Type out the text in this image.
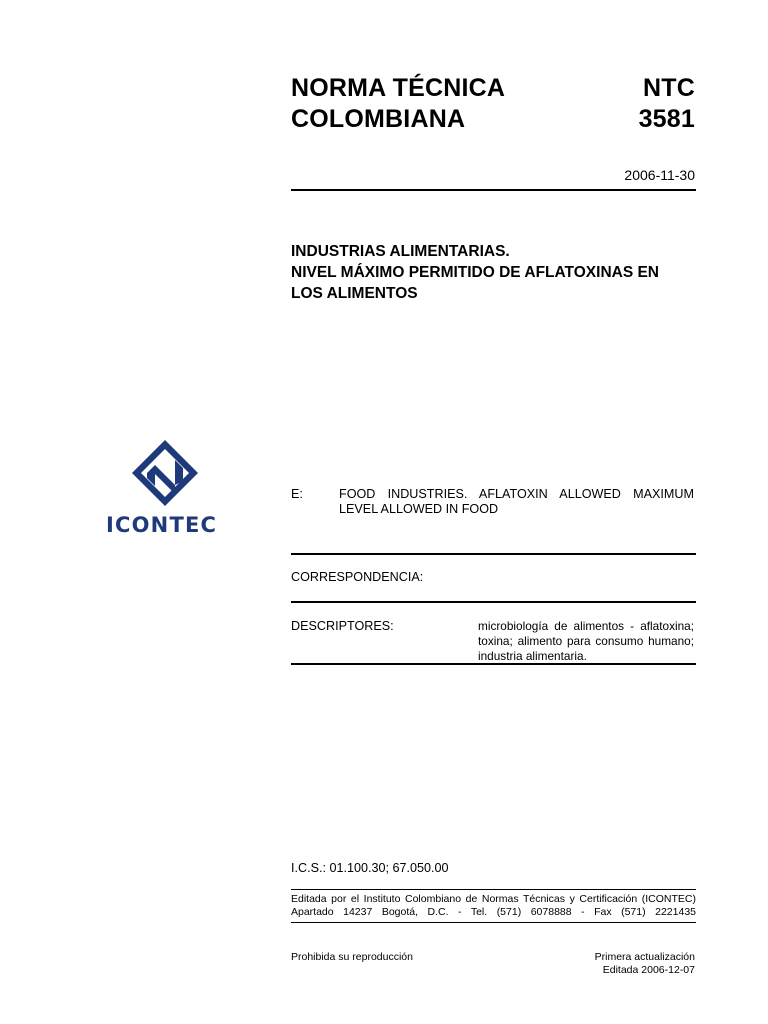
NORMA TÉCNICA
COLOMBIANA
NTC
3581
2006-11-30
INDUSTRIAS ALIMENTARIAS.
NIVEL MÁXIMO PERMITIDO DE AFLATOXINAS EN
LOS ALIMENTOS
ICONTEC
E:	FOOD INDUSTRIES. AFLATOXIN ALLOWED MAXIMUM
LEVEL ALLOWED IN FOOD
CORRESPONDENCIA:
DESCRIPTORES:	microbiología de alimentos - aflatoxina;
toxina; alimento para consumo humano;
industria alimentaria.
I.C.S.: 01.100.30; 67.050.00
Editada por el Instituto Colombiano de Normas Técnicas y Certificación (ICONTEC)
Apartado 14237 Bogotá, D.C. - Tel. (571) 6078888 - Fax (571) 2221435
Prohibida su reproducción	Primera actualización
Editada 2006-12-07
